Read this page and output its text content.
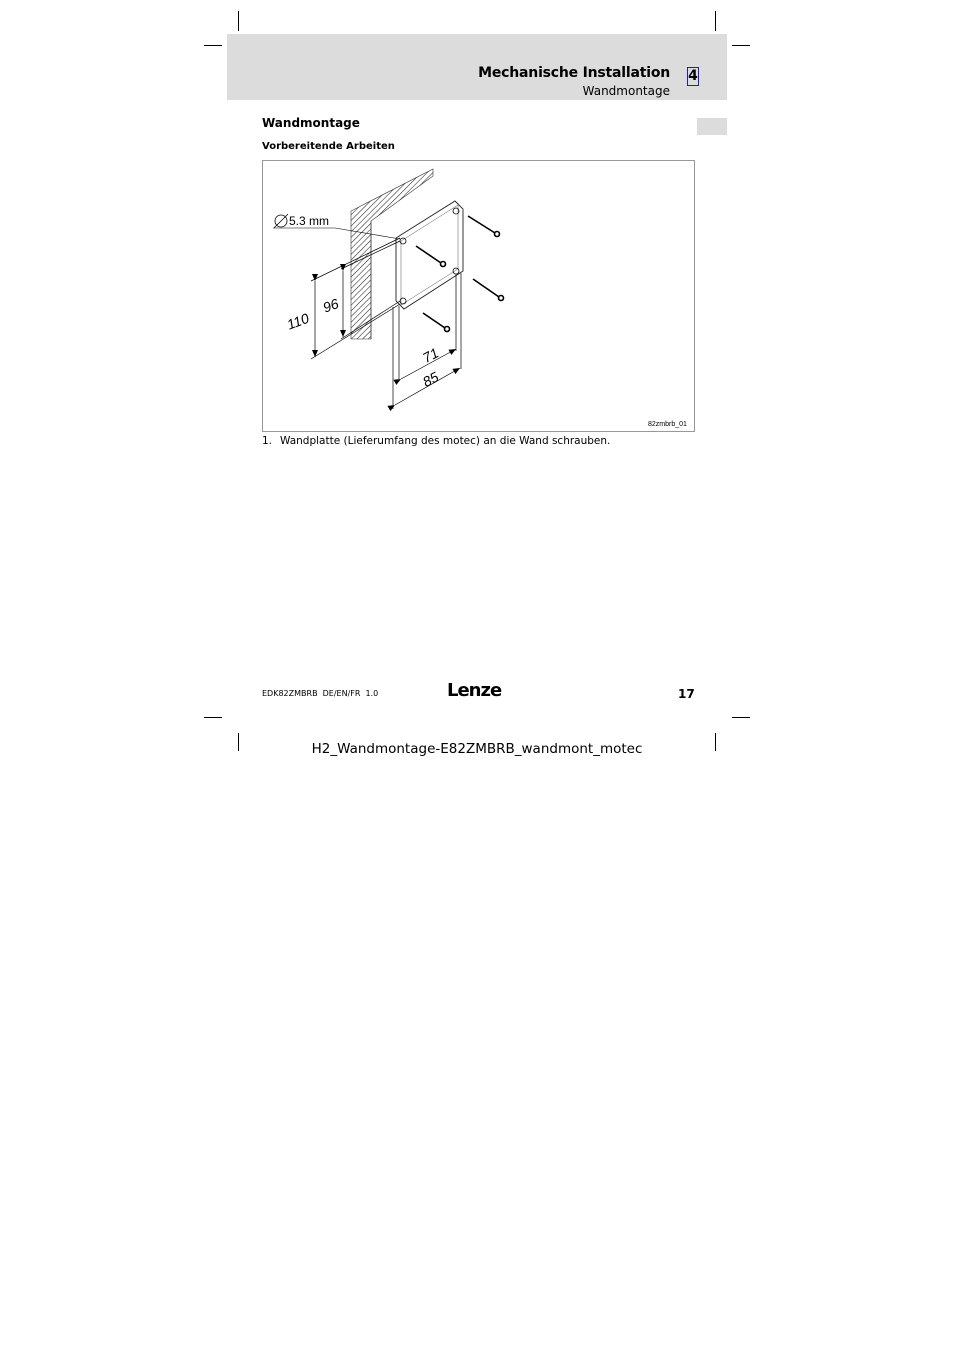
Mechanische Installation
Wandmontage
4
Wandmontage
Vorbereitende Arbeiten
5.3 mm
110
96
71
85
82zmbrb_01
1. Wandplatte (Lieferumfang des motec) an die Wand schrauben.
EDK82ZMBRB  DE/EN/FR  1.0	Lenze	17
H2_Wandmontage-E82ZMBRB_wandmont_motec
